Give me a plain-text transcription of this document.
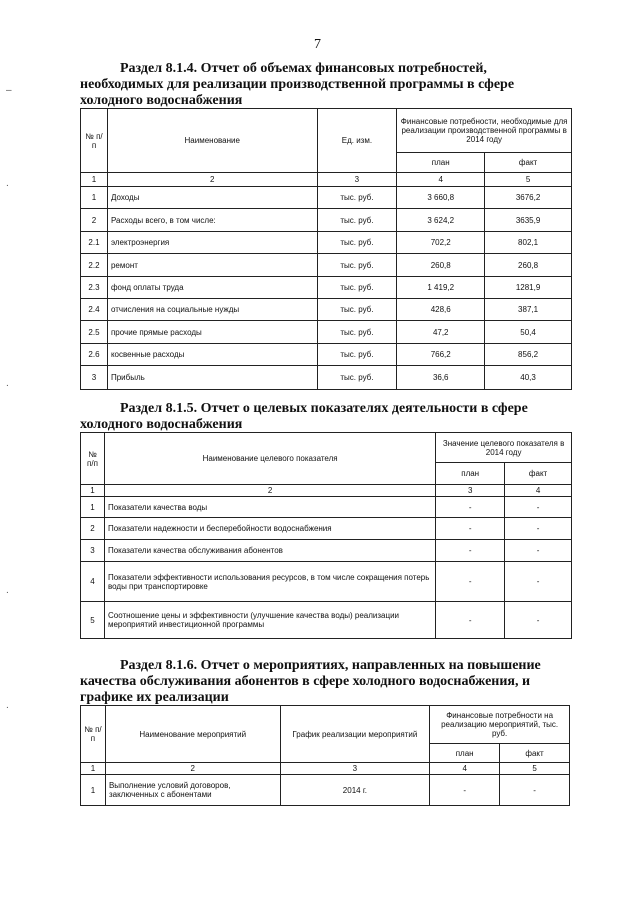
7
–
.
.
.
.
Раздел 8.1.4. Отчет об объемах финансовых потребностей,
необходимых для реализации производственной программы в сфере
холодного водоснабжения
№ п/п	Наименование	Ед. изм.	Финансовые потребности, необходимые для реализации производственной программы в 2014 году	
			план	факт
1	2	3	4	5
1	Доходы	тыс. руб.	3 660,8	3676,2
2	Расходы всего, в том числе:	тыс. руб.	3 624,2	3635,9
2.1	электроэнергия	тыс. руб.	702,2	802,1
2.2	ремонт	тыс. руб.	260,8	260,8
2.3	фонд оплаты труда	тыс. руб.	1 419,2	1281,9
2.4	отчисления на социальные нужды	тыс. руб.	428,6	387,1
2.5	прочие прямые расходы	тыс. руб.	47,2	50,4
2.6	косвенные расходы	тыс. руб.	766,2	856,2
3	Прибыль	тыс. руб.	36,6	40,3
Раздел 8.1.5. Отчет о целевых показателях деятельности в сфере
холодного водоснабжения
№ п/п	Наименование целевого показателя	Значение целевого показателя в 2014 году	
		план	факт
1	2	3	4
1	Показатели качества воды	-	-
2	Показатели надежности и бесперебойности водоснабжения	-	-
3	Показатели качества обслуживания абонентов	-	-
4	Показатели эффективности использования ресурсов, в том числе сокращения потерь воды при транспортировке	-	-
5	Соотношение цены и эффективности (улучшение качества воды) реализации мероприятий инвестиционной программы	-	-
Раздел 8.1.6. Отчет о мероприятиях, направленных на повышение
качества обслуживания абонентов в сфере холодного водоснабжения, и
графике их реализации
№ п/п	Наименование мероприятий	График реализации мероприятий	Финансовые потребности на реализацию мероприятий, тыс. руб.	
			план	факт
1	2	3	4	5
1	Выполнение условий договоров, заключенных с абонентами	2014 г.	-	-
